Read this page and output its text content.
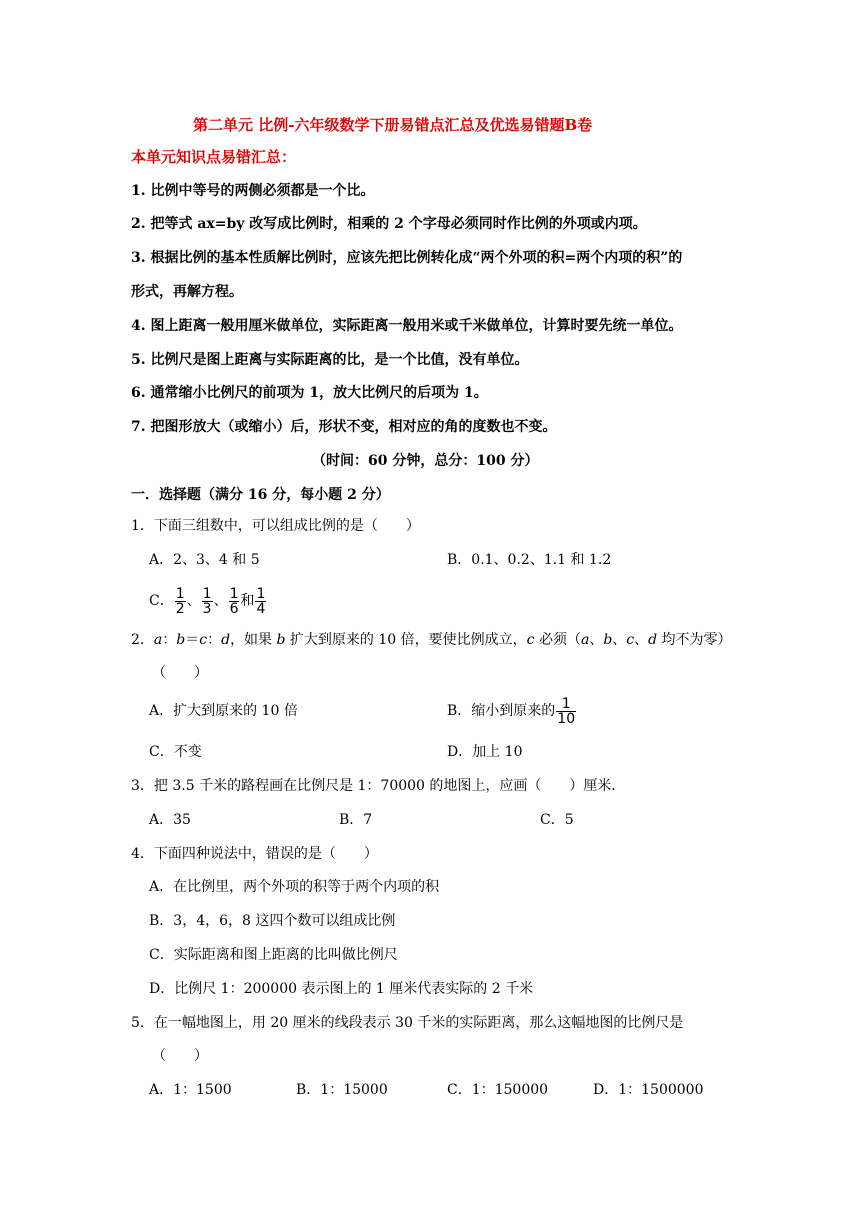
第二单元 比例-六年级数学下册易错点汇总及优选易错题B卷
本单元知识点易错汇总：
1. 比例中等号的两侧必须都是一个比。
2. 把等式 ax=by 改写成比例时，相乘的 2 个字母必须同时作比例的外项或内项。
3. 根据比例的基本性质解比例时，应该先把比例转化成“两个外项的积=两个内项的积”的
形式，再解方程。
4. 图上距离一般用厘米做单位，实际距离一般用米或千米做单位，计算时要先统一单位。
5. 比例尺是图上距离与实际距离的比，是一个比值，没有单位。
6. 通常缩小比例尺的前项为 1，放大比例尺的后项为 1。
7. 把图形放大（或缩小）后，形状不变，相对应的角的度数也不变。
（时间：60 分钟，总分：100 分）
一．选择题（满分 16 分，每小题 2 分）
1．下面三组数中，可以组成比例的是（　　）
A．2、3、4 和 5	B．0.1、0.2、1.1 和 1.2
C． $\frac{1}{2}$ 、 $\frac{1}{3}$ 、 $\frac{1}{6}$ 和 $\frac{1}{4}$
2．a：b＝c：d，如果 b 扩大到原来的 10 倍，要使比例成立，c 必须（a、b、c、d 均不为零）
（　　）
A．扩大到原来的 10 倍	B．缩小到原来的 $\frac{1}{10}$
C．不变	D．加上 10
3．把 3.5 千米的路程画在比例尺是 1：70000 的地图上，应画（　　）厘米．
A．35	B．7	C．5
4．下面四种说法中，错误的是（　　）
A．在比例里，两个外项的积等于两个内项的积
B．3，4，6，8 这四个数可以组成比例
C．实际距离和图上距离的比叫做比例尺
D．比例尺 1：200000 表示图上的 1 厘米代表实际的 2 千米
5．在一幅地图上，用 20 厘米的线段表示 30 千米的实际距离，那么这幅地图的比例尺是
（　　）
A．1：1500	B．1：15000	C．1：150000	D．1：1500000
